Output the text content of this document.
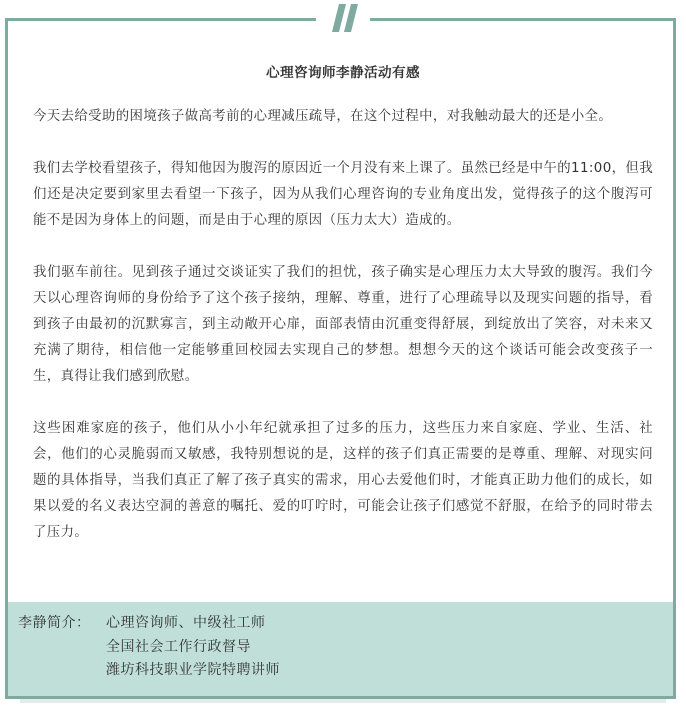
心理咨询师李静活动有感

今天去给受助的困境孩子做高考前的心理减压疏导，在这个过程中，对我触动最大的还是小全。

我们去学校看望孩子，得知他因为腹泻的原因近一个月没有来上课了。虽然已经是中午的11:00，但我们还是决定要到家里去看望一下孩子，因为从我们心理咨询的专业角度出发，觉得孩子的这个腹泻可能不是因为身体上的问题，而是由于心理的原因（压力太大）造成的。

我们驱车前往。见到孩子通过交谈证实了我们的担忧，孩子确实是心理压力太大导致的腹泻。我们今天以心理咨询师的身份给予了这个孩子接纳，理解、尊重，进行了心理疏导以及现实问题的指导，看到孩子由最初的沉默寡言，到主动敞开心扉，面部表情由沉重变得舒展，到绽放出了笑容，对未来又充满了期待，相信他一定能够重回校园去实现自己的梦想。想想今天的这个谈话可能会改变孩子一生，真得让我们感到欣慰。

这些困难家庭的孩子，他们从小小年纪就承担了过多的压力，这些压力来自家庭、学业、生活、社会，他们的心灵脆弱而又敏感，我特别想说的是，这样的孩子们真正需要的是尊重、理解、对现实问题的具体指导，当我们真正了解了孩子真实的需求，用心去爱他们时，才能真正助力他们的成长，如果以爱的名义表达空洞的善意的嘱托、爱的叮咛时，可能会让孩子们感觉不舒服，在给予的同时带去了压力。

李静简介：	心理咨询师、中级社工师
全国社会工作行政督导
潍坊科技职业学院特聘讲师
